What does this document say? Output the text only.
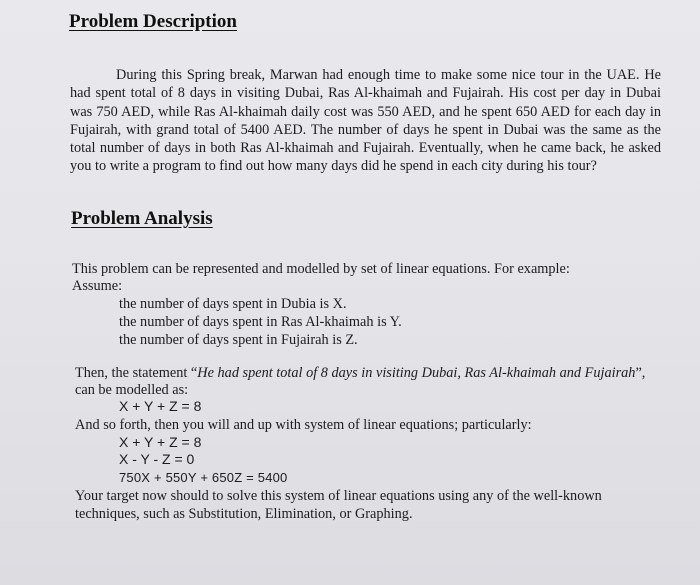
Problem Description
During this Spring break, Marwan had enough time to make some nice tour in the UAE. He had spent total of 8 days in visiting Dubai, Ras Al-khaimah and Fujairah. His cost per day in Dubai was 750 AED, while Ras Al-khaimah daily cost was 550 AED, and he spent 650 AED for each day in Fujairah, with grand total of 5400 AED. The number of days he spent in Dubai was the same as the total number of days in both Ras Al-khaimah and Fujairah. Eventually, when he came back, he asked you to write a program to find out how many days did he spend in each city during his tour?
Problem Analysis
This problem can be represented and modelled by set of linear equations. For example:
Assume:
the number of days spent in Dubia is X.
the number of days spent in Ras Al-khaimah is Y.
the number of days spent in Fujairah is Z.
Then, the statement “He had spent total of 8 days in visiting Dubai, Ras Al-khaimah and Fujairah”,
can be modelled as:
X + Y + Z = 8
And so forth, then you will and up with system of linear equations; particularly:
X + Y + Z = 8
X - Y - Z = 0
750X + 550Y + 650Z = 5400
Your target now should to solve this system of linear equations using any of the well-known
techniques, such as Substitution, Elimination, or Graphing.
